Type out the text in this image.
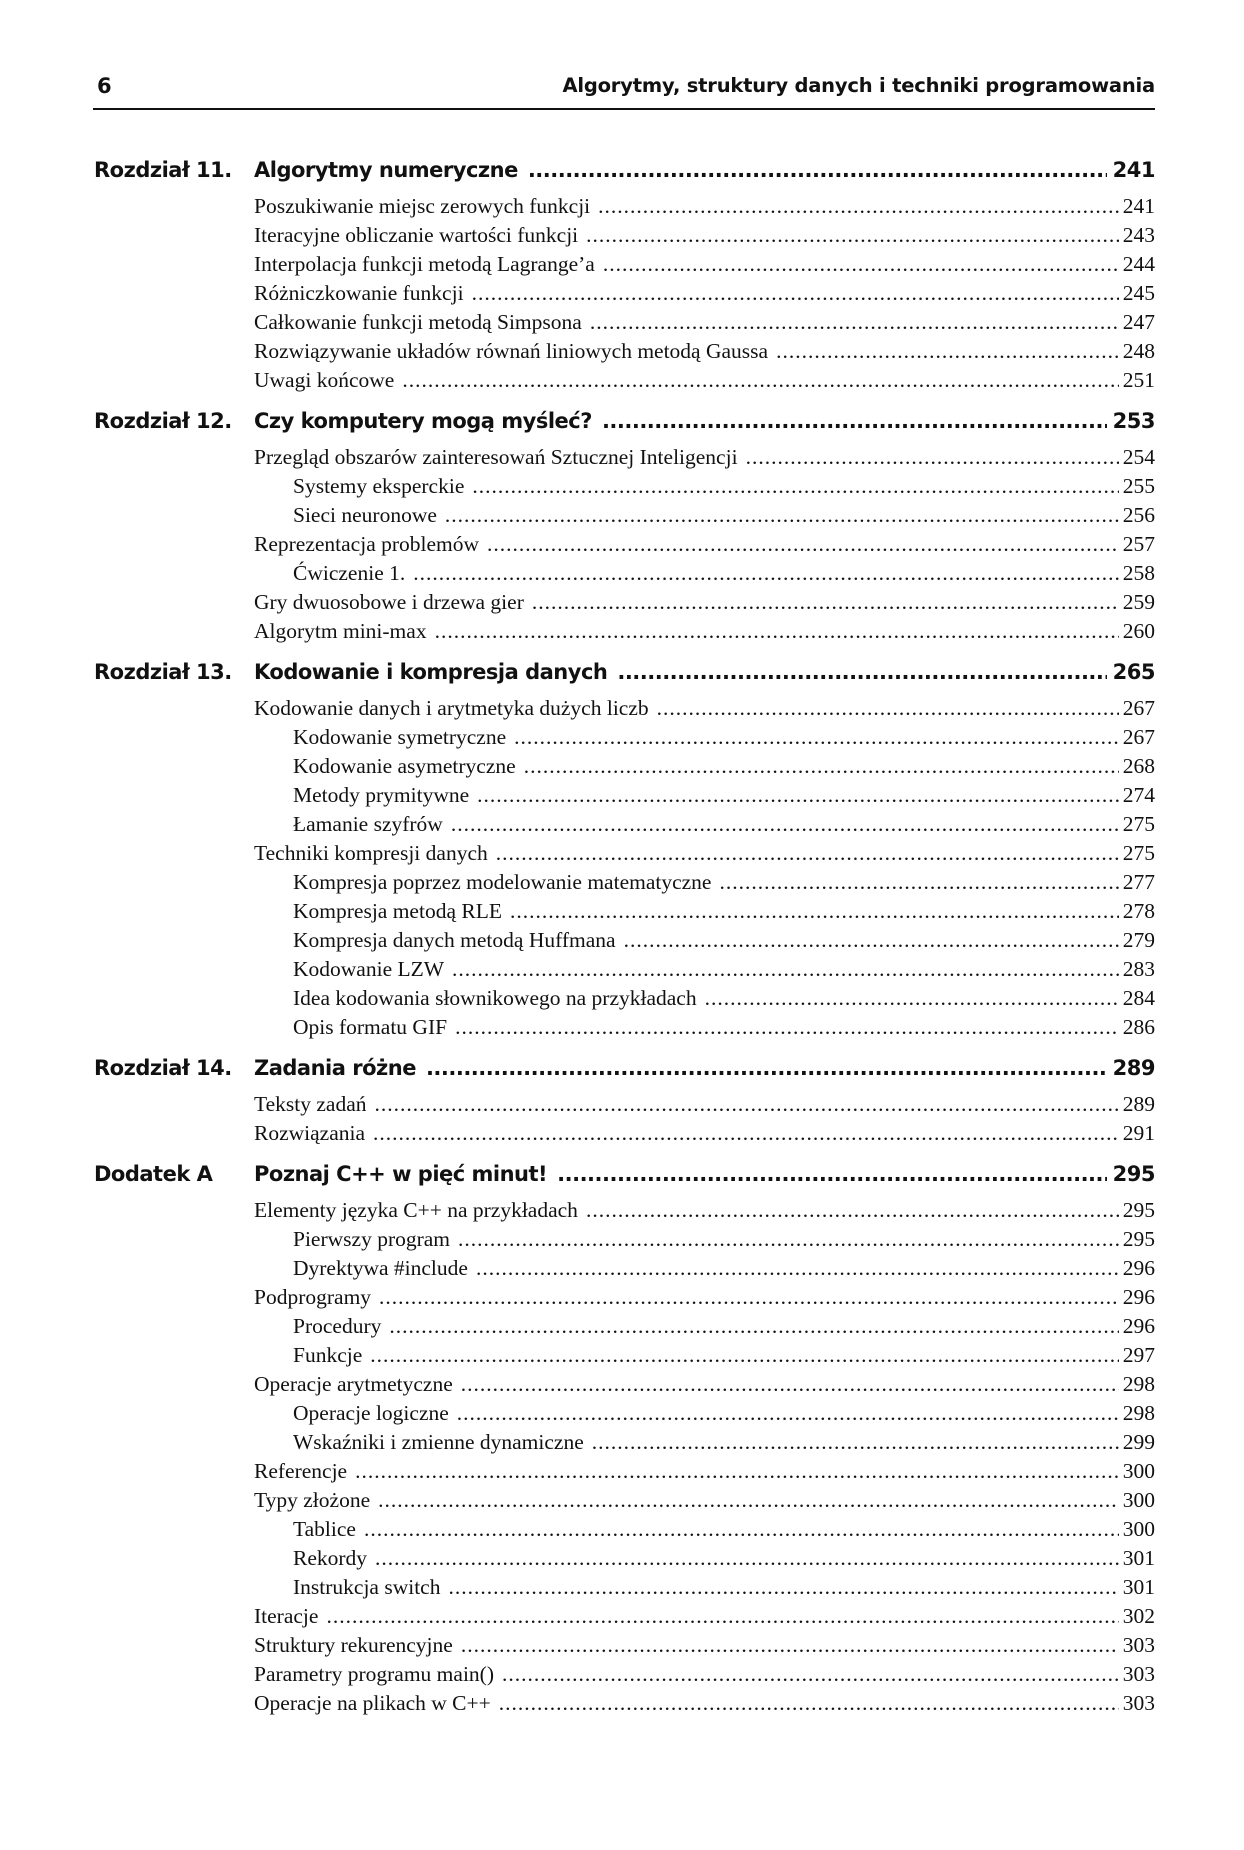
6	Algorytmy, struktury danych i techniki programowania
Rozdział 11.	Algorytmy numeryczne .....	241
Poszukiwanie miejsc zerowych funkcji .....	241
Iteracyjne obliczanie wartości funkcji .....	243
Interpolacja funkcji metodą Lagrange’a .....	244
Różniczkowanie funkcji .....	245
Całkowanie funkcji metodą Simpsona .....	247
Rozwiązywanie układów równań liniowych metodą Gaussa .....	248
Uwagi końcowe .....	251
Rozdział 12.	Czy komputery mogą myśleć? .....	253
Przegląd obszarów zainteresowań Sztucznej Inteligencji .....	254
Systemy eksperckie .....	255
Sieci neuronowe .....	256
Reprezentacja problemów .....	257
Ćwiczenie 1. .....	258
Gry dwuosobowe i drzewa gier .....	259
Algorytm mini-max .....	260
Rozdział 13.	Kodowanie i kompresja danych .....	265
Kodowanie danych i arytmetyka dużych liczb .....	267
Kodowanie symetryczne .....	267
Kodowanie asymetryczne .....	268
Metody prymitywne .....	274
Łamanie szyfrów .....	275
Techniki kompresji danych .....	275
Kompresja poprzez modelowanie matematyczne .....	277
Kompresja metodą RLE .....	278
Kompresja danych metodą Huffmana .....	279
Kodowanie LZW .....	283
Idea kodowania słownikowego na przykładach .....	284
Opis formatu GIF .....	286
Rozdział 14.	Zadania różne .....	289
Teksty zadań .....	289
Rozwiązania .....	291
Dodatek A	Poznaj C++ w pięć minut! .....	295
Elementy języka C++ na przykładach .....	295
Pierwszy program .....	295
Dyrektywa #include .....	296
Podprogramy .....	296
Procedury .....	296
Funkcje .....	297
Operacje arytmetyczne .....	298
Operacje logiczne .....	298
Wskaźniki i zmienne dynamiczne .....	299
Referencje .....	300
Typy złożone .....	300
Tablice .....	300
Rekordy .....	301
Instrukcja switch .....	301
Iteracje .....	302
Struktury rekurencyjne .....	303
Parametry programu main() .....	303
Operacje na plikach w C++ .....	303
